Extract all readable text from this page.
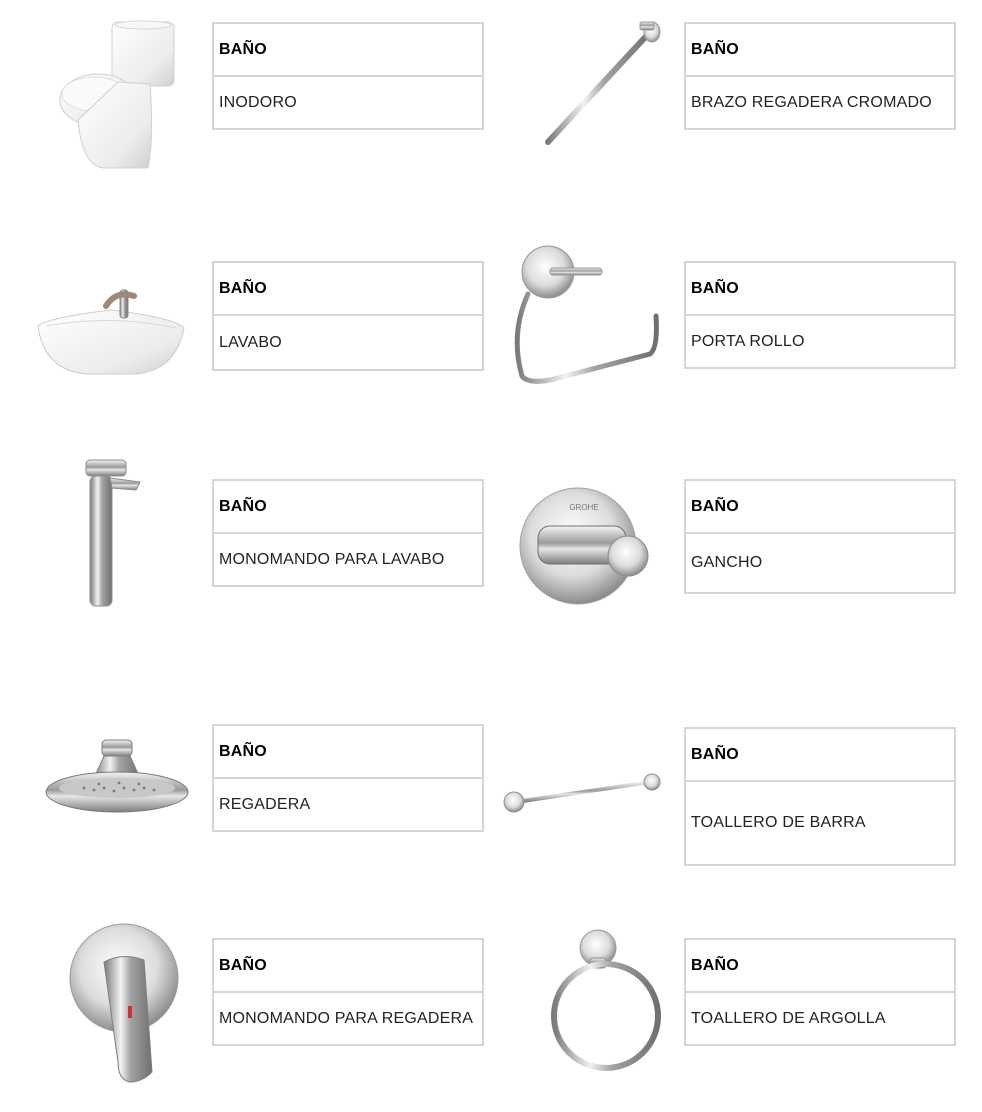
BAÑO
INODORO
BAÑO
BRAZO REGADERA CROMADO
BAÑO
LAVABO
BAÑO
PORTA ROLLO
BAÑO
MONOMANDO PARA LAVABO
GROHE	BAÑO
GANCHO
BAÑO
REGADERA
BAÑO
TOALLERO DE BARRA
BAÑO
MONOMANDO PARA REGADERA
BAÑO
TOALLERO DE ARGOLLA
